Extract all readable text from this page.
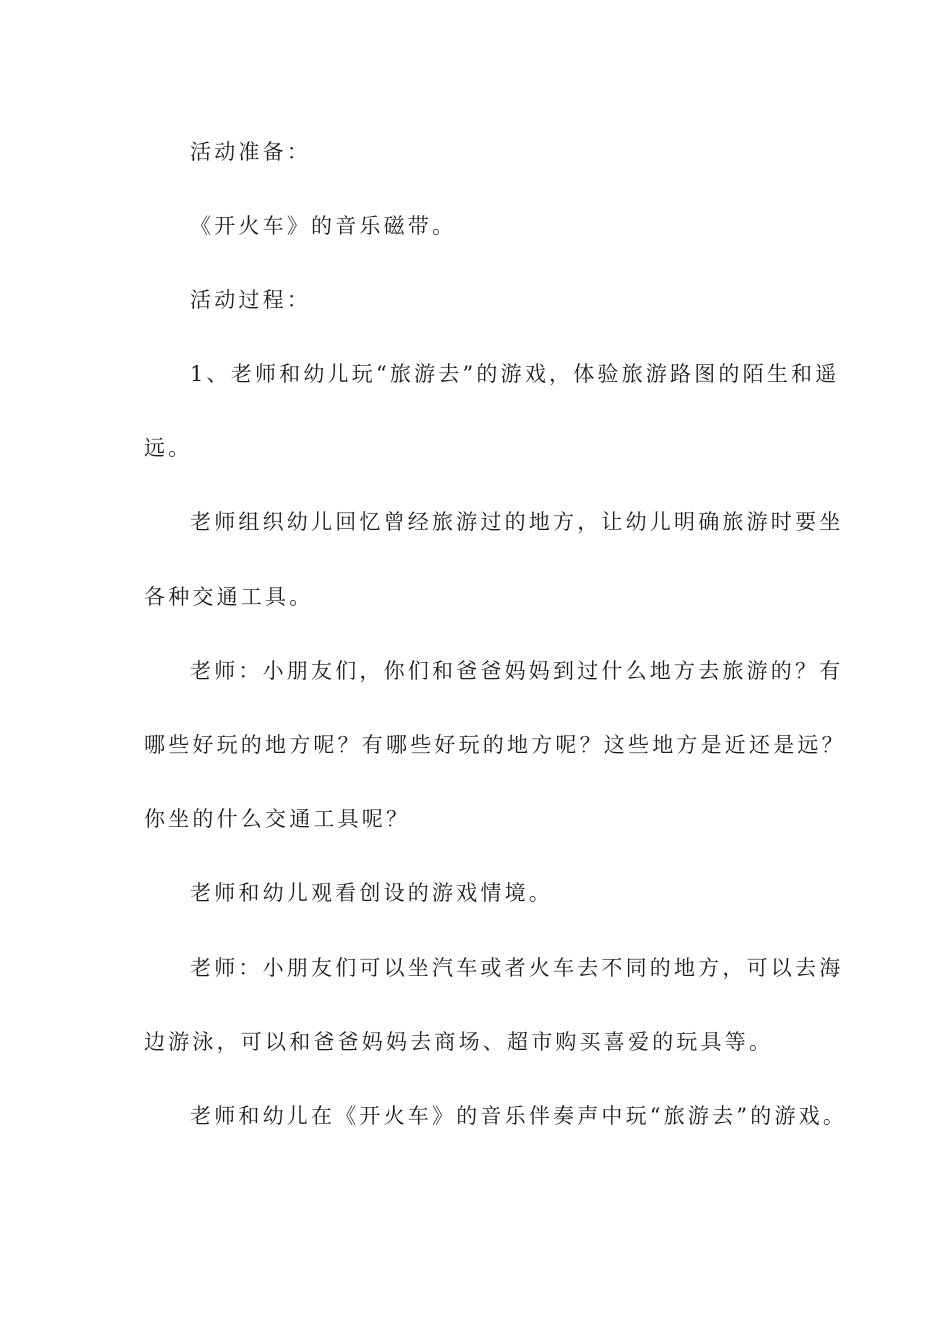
活动准备：
《开火车》的音乐磁带。
活动过程：
1、老师和幼儿玩“旅游去”的游戏，体验旅游路图的陌生和遥
远。
老师组织幼儿回忆曾经旅游过的地方，让幼儿明确旅游时要坐
各种交通工具。
老师：小朋友们，你们和爸爸妈妈到过什么地方去旅游的？有
哪些好玩的地方呢？有哪些好玩的地方呢？这些地方是近还是远？
你坐的什么交通工具呢？
老师和幼儿观看创设的游戏情境。
老师：小朋友们可以坐汽车或者火车去不同的地方，可以去海
边游泳，可以和爸爸妈妈去商场、超市购买喜爱的玩具等。
老师和幼儿在《开火车》的音乐伴奏声中玩“旅游去”的游戏。
